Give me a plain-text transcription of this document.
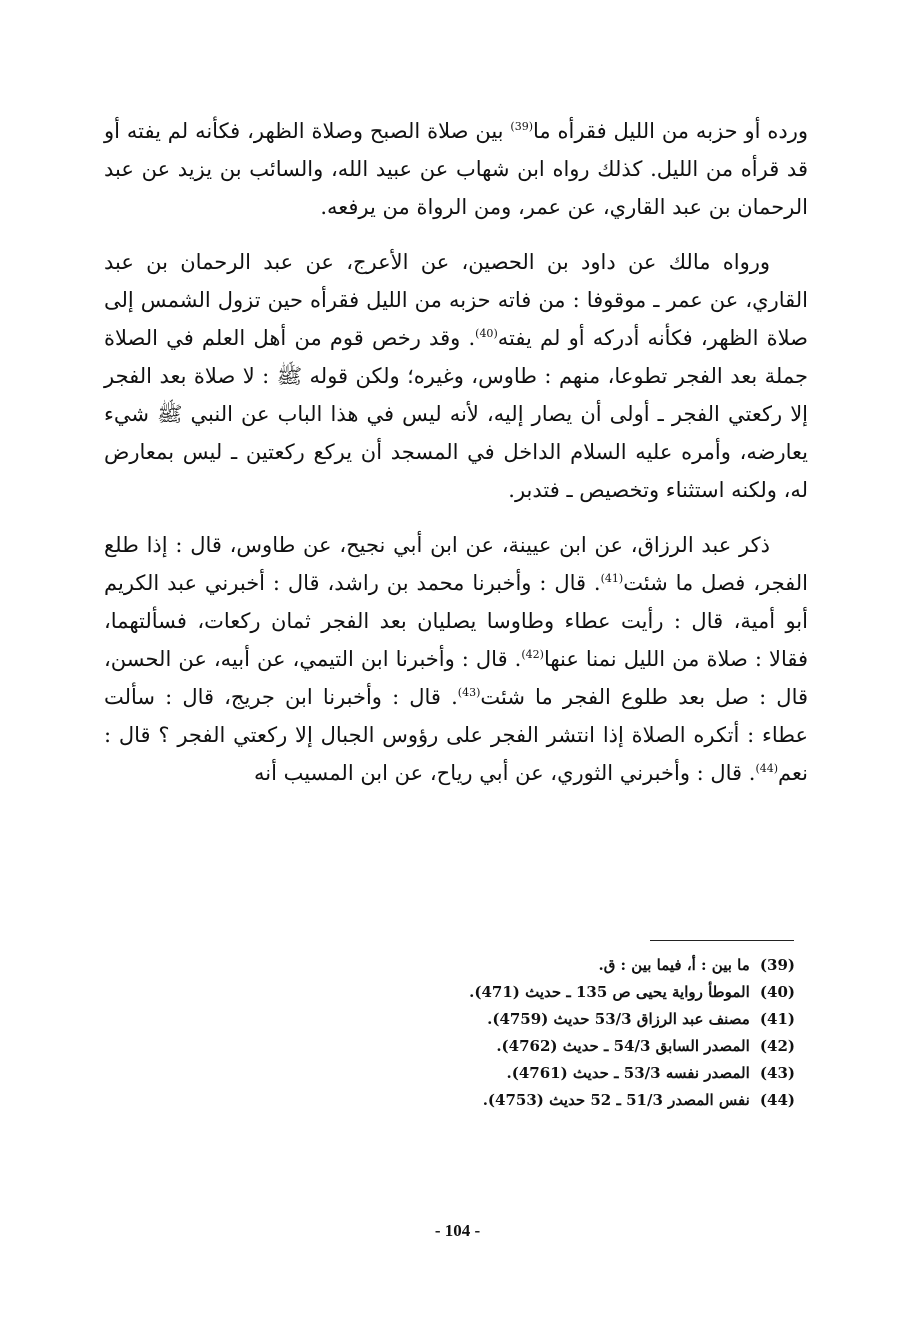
ورده أو حزبه من الليل فقرأه ما$^{(39)}$ بين صلاة الصبح وصلاة الظهر، فكأنه لم يفته أو قد قرأه من الليل. كذلك رواه ابن شهاب عن عبيد الله، والسائب بن يزيد عن عبد الرحمان بن عبد القاري، عن عمر، ومن الرواة من يرفعه.

ورواه مالك عن داود بن الحصين، عن الأعرج، عن عبد الرحمان بن عبد القاري، عن عمر ـ موقوفا : من فاته حزبه من الليل فقرأه حين تزول الشمس إلى صلاة الظهر، فكأنه أدركه أو لم يفته$^{(40)}$. وقد رخص قوم من أهل العلم في الصلاة جملة بعد الفجر تطوعا، منهم : طاوس، وغيره؛ ولكن قوله ﷺ : لا صلاة بعد الفجر إلا ركعتي الفجر ـ أولى أن يصار إليه، لأنه ليس في هذا الباب عن النبي ﷺ شيء يعارضه، وأمره عليه السلام الداخل في المسجد أن يركع ركعتين ـ ليس بمعارض له، ولكنه استثناء وتخصيص ـ فتدبر.

ذكر عبد الرزاق، عن ابن عيينة، عن ابن أبي نجيح، عن طاوس، قال : إذا طلع الفجر، فصل ما شئت$^{(41)}$. قال : وأخبرنا محمد بن راشد، قال : أخبرني عبد الكريم أبو أمية، قال : رأيت عطاء وطاوسا يصليان بعد الفجر ثمان ركعات، فسألتهما، فقالا : صلاة من الليل نمنا عنها$^{(42)}$. قال : وأخبرنا ابن التيمي، عن أبيه، عن الحسن، قال : صل بعد طلوع الفجر ما شئت$^{(43)}$. قال : وأخبرنا ابن جريج، قال : سألت عطاء : أتكره الصلاة إذا انتشر الفجر على رؤوس الجبال إلا ركعتي الفجر ؟ قال : نعم$^{(44)}$. قال : وأخبرني الثوري، عن أبي رياح، عن ابن المسيب أنه

(39) ما بين : أ، فيما بين : ق.
(40) الموطأ رواية يحيى ص 135 ـ حديث (471).
(41) مصنف عبد الرزاق 53/3 حديث (4759).
(42) المصدر السابق 54/3 ـ حديث (4762).
(43) المصدر نفسه 53/3 ـ حديث (4761).
(44) نفس المصدر 51/3 ـ 52 حديث (4753).
- 104 -
